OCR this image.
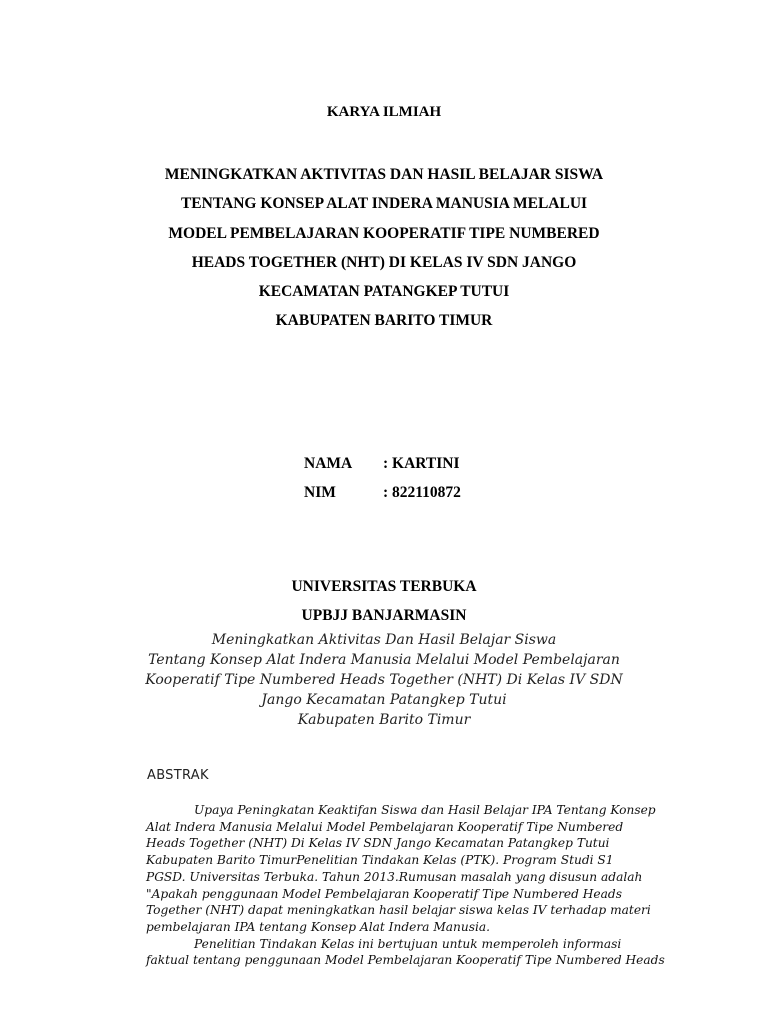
KARYA ILMIAH
MENINGKATKAN AKTIVITAS DAN HASIL BELAJAR SISWA
TENTANG KONSEP ALAT INDERA MANUSIA MELALUI
MODEL PEMBELAJARAN KOOPERATIF TIPE NUMBERED
HEADS TOGETHER (NHT) DI KELAS IV SDN JANGO
KECAMATAN PATANGKEP TUTUI
KABUPATEN BARITO TIMUR
NAMA	: KARTINI
NIM	: 822110872
UNIVERSITAS TERBUKA
UPBJJ BANJARMASIN
Meningkatkan Aktivitas Dan Hasil Belajar Siswa
Tentang Konsep Alat Indera Manusia Melalui Model Pembelajaran
Kooperatif Tipe Numbered Heads Together (NHT) Di Kelas IV SDN
Jango Kecamatan Patangkep Tutui
Kabupaten Barito Timur
ABSTRAK
Upaya Peningkatan Keaktifan Siswa dan Hasil Belajar IPA Tentang Konsep
Alat Indera Manusia Melalui Model Pembelajaran Kooperatif Tipe Numbered
Heads Together (NHT) Di Kelas IV SDN Jango Kecamatan Patangkep Tutui
Kabupaten Barito TimurPenelitian Tindakan Kelas (PTK). Program Studi S1
PGSD. Universitas Terbuka. Tahun 2013.Rumusan masalah yang disusun adalah
"Apakah penggunaan Model Pembelajaran Kooperatif Tipe Numbered Heads
Together (NHT) dapat meningkatkan hasil belajar siswa kelas IV terhadap materi
pembelajaran IPA tentang Konsep Alat Indera Manusia.
Penelitian Tindakan Kelas ini bertujuan untuk memperoleh informasi
faktual tentang penggunaan Model Pembelajaran Kooperatif Tipe Numbered Heads
